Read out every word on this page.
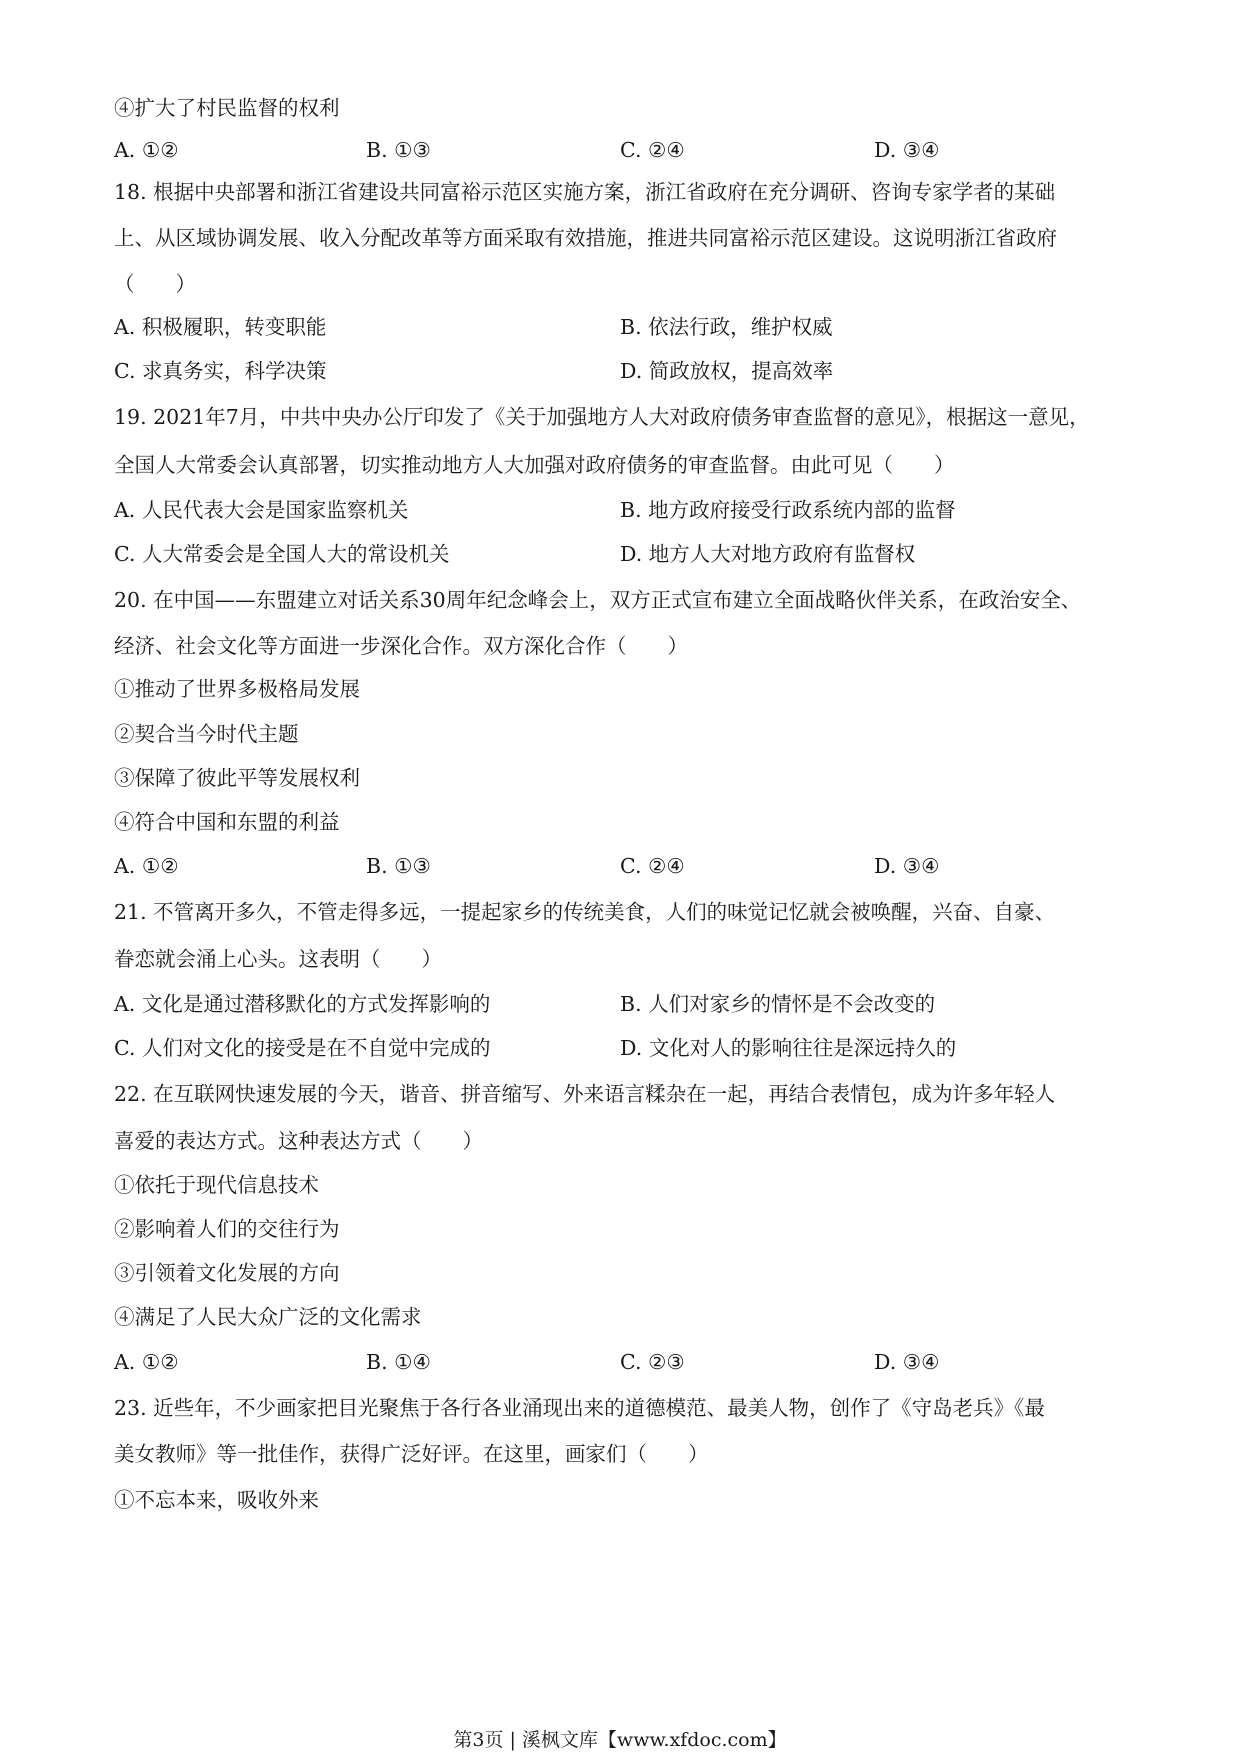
④扩大了村民监督的权利
A. ①②	B. ①③	C. ②④	D. ③④
18. 根据中央部署和浙江省建设共同富裕示范区实施方案，浙江省政府在充分调研、咨询专家学者的某础
上、从区域协调发展、收入分配改革等方面采取有效措施，推进共同富裕示范区建设。这说明浙江省政府
（　　）
A. 积极履职，转变职能	B. 依法行政，维护权威
C. 求真务实，科学决策	D. 简政放权，提高效率
19. 2021年7月，中共中央办公厅印发了《关于加强地方人大对政府债务审查监督的意见》，根据这一意见，
全国人大常委会认真部署，切实推动地方人大加强对政府债务的审查监督。由此可见（　　）
A. 人民代表大会是国家监察机关	B. 地方政府接受行政系统内部的监督
C. 人大常委会是全国人大的常设机关	D. 地方人大对地方政府有监督权
20. 在中国——东盟建立对话关系30周年纪念峰会上，双方正式宣布建立全面战略伙伴关系，在政治安全、
经济、社会文化等方面进一步深化合作。双方深化合作（　　）
①推动了世界多极格局发展
②契合当今时代主题
③保障了彼此平等发展权利
④符合中国和东盟的利益
A. ①②	B. ①③	C. ②④	D. ③④
21. 不管离开多久，不管走得多远，一提起家乡的传统美食，人们的味觉记忆就会被唤醒，兴奋、自豪、
眷恋就会涌上心头。这表明（　　）
A. 文化是通过潜移默化的方式发挥影响的	B. 人们对家乡的情怀是不会改变的
C. 人们对文化的接受是在不自觉中完成的	D. 文化对人的影响往往是深远持久的
22. 在互联网快速发展的今天，谐音、拼音缩写、外来语言糅杂在一起，再结合表情包，成为许多年轻人
喜爱的表达方式。这种表达方式（　　）
①依托于现代信息技术
②影响着人们的交往行为
③引领着文化发展的方向
④满足了人民大众广泛的文化需求
A. ①②	B. ①④	C. ②③	D. ③④
23. 近些年，不少画家把目光聚焦于各行各业涌现出来的道德模范、最美人物，创作了《守岛老兵》《最
美女教师》等一批佳作，获得广泛好评。在这里，画家们（　　）
①不忘本来，吸收外来
第3页 | 溪枫文库【www.xfdoc.com】
